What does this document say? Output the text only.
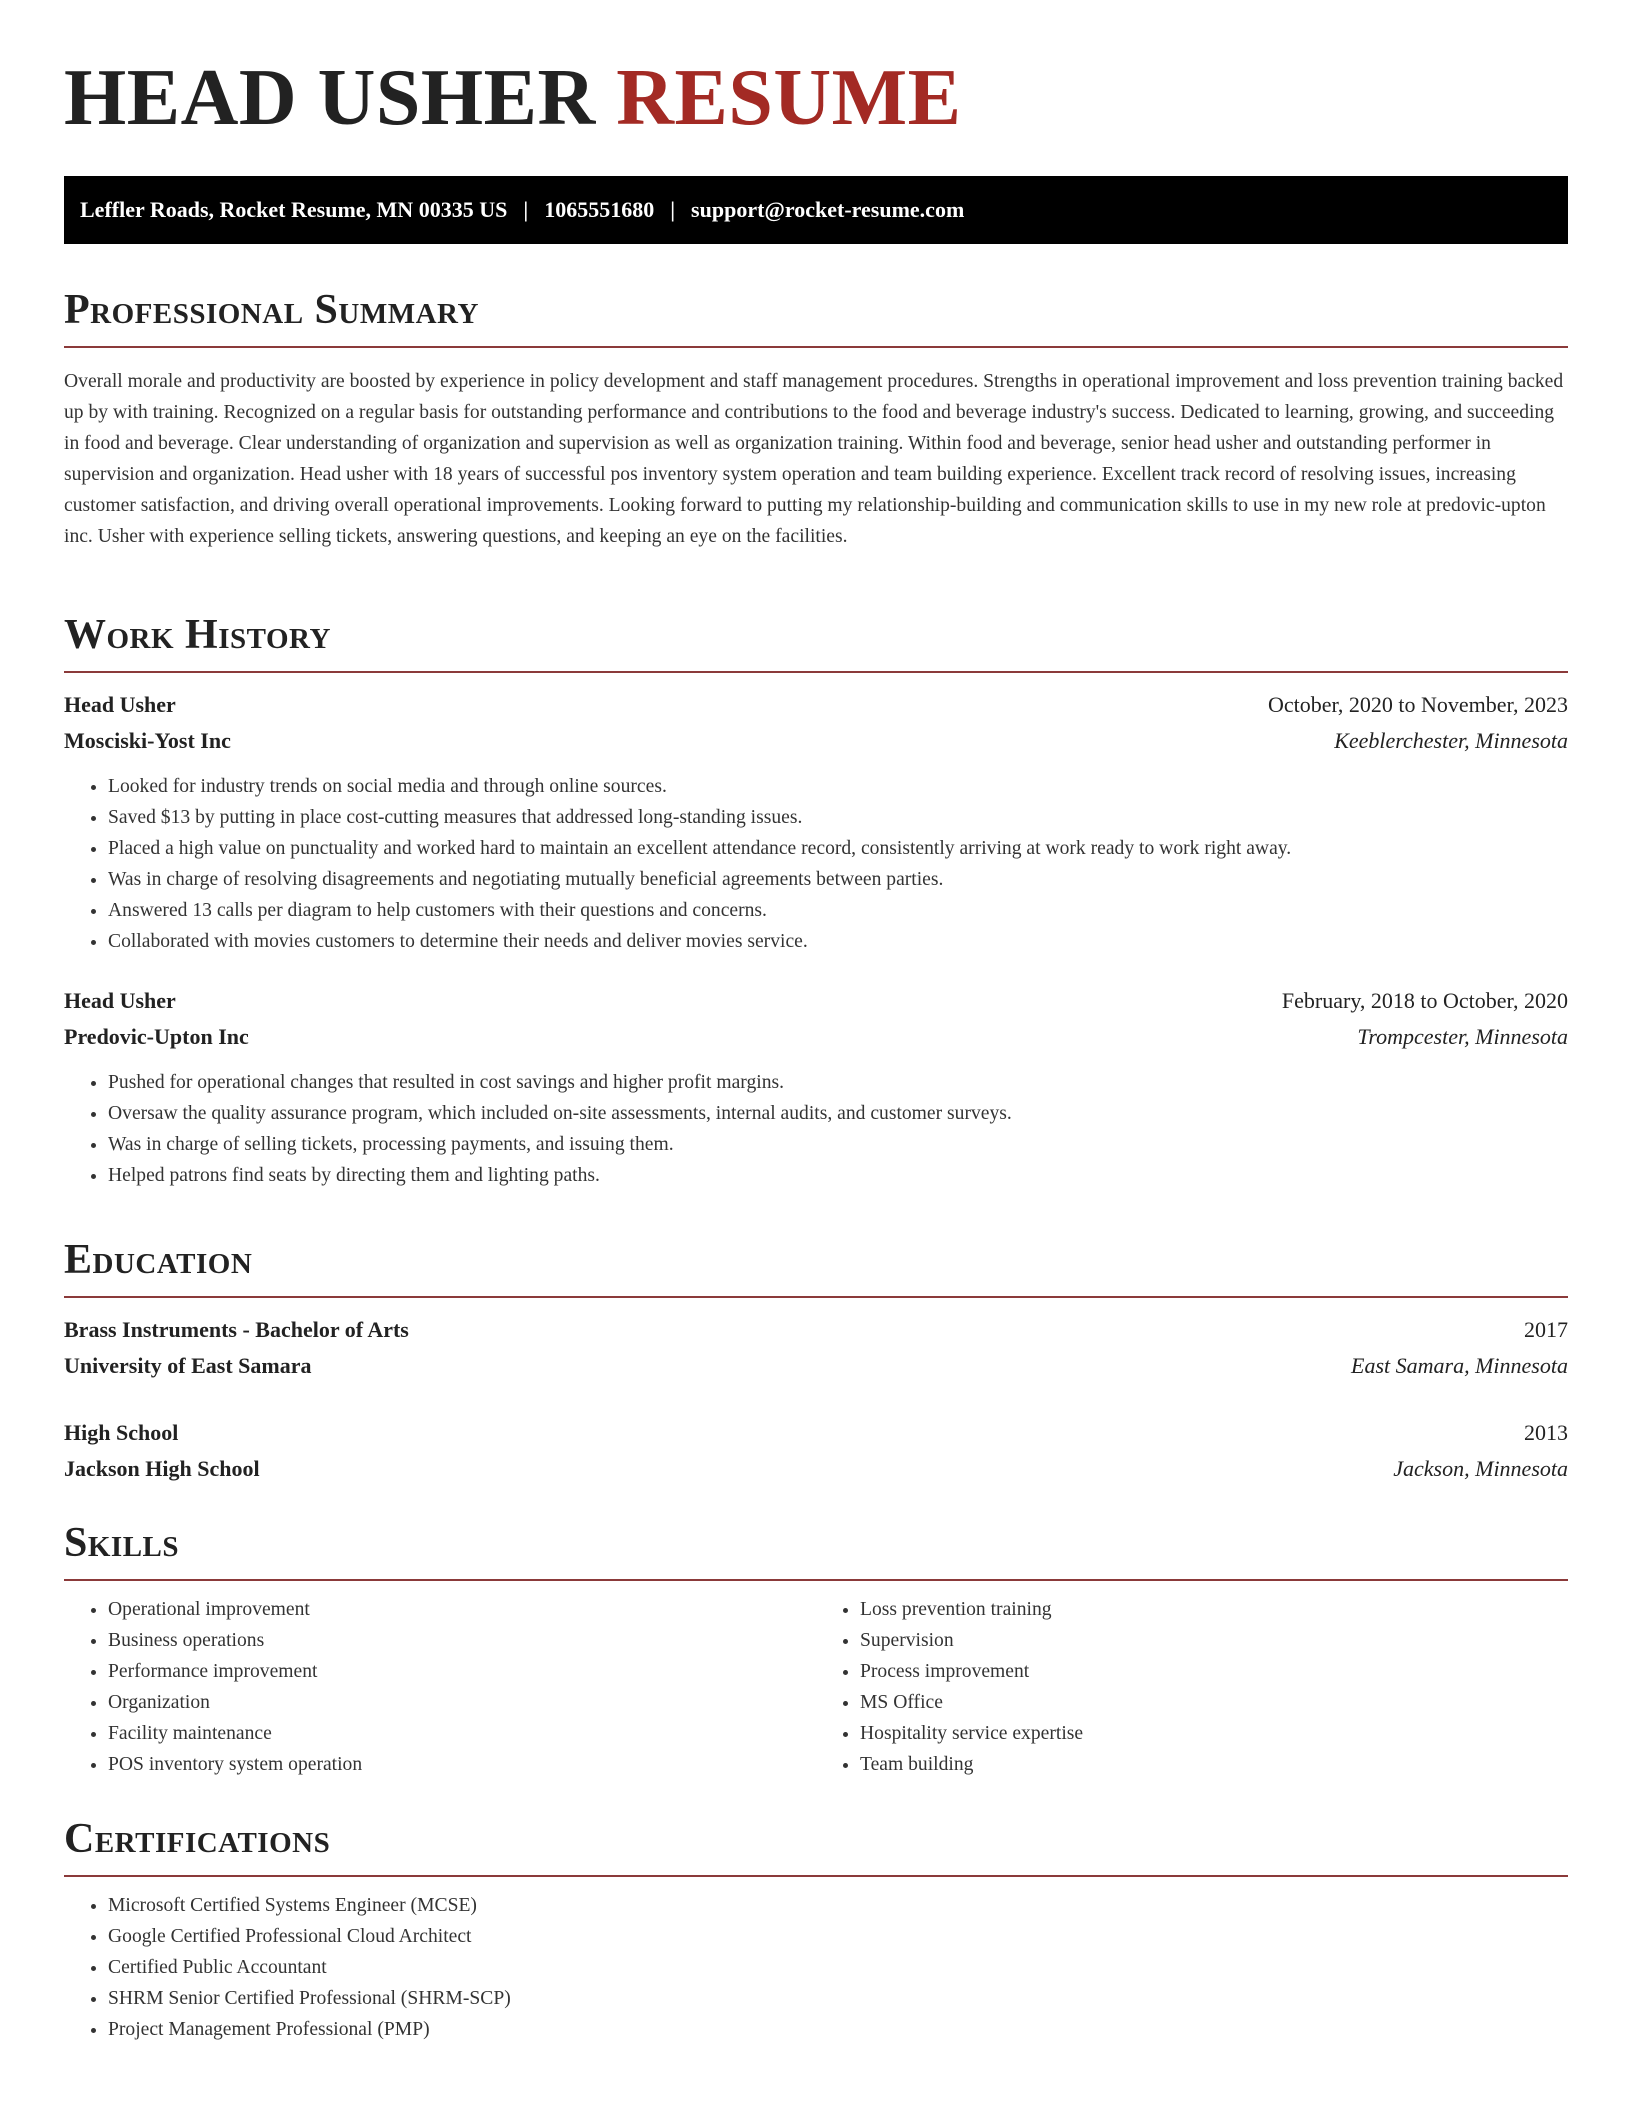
HEAD USHER RESUME
Leffler Roads, Rocket Resume, MN 00335 US | 1065551680 | support@rocket-resume.com
Professional Summary

Overall morale and productivity are boosted by experience in policy development and staff management procedures. Strengths in operational improvement and loss prevention training backed up by with training. Recognized on a regular basis for outstanding performance and contributions to the food and beverage industry's success. Dedicated to learning, growing, and succeeding in food and beverage. Clear understanding of organization and supervision as well as organization training. Within food and beverage, senior head usher and outstanding performer in supervision and organization. Head usher with 18 years of successful pos inventory system operation and team building experience. Excellent track record of resolving issues, increasing customer satisfaction, and driving overall operational improvements. Looking forward to putting my relationship-building and communication skills to use in my new role at predovic-upton inc. Usher with experience selling tickets, answering questions, and keeping an eye on the facilities.

Work History
Head Usher	October, 2020 to November, 2023
Mosciski-Yost Inc	Keeblerchester, Minnesota
• Looked for industry trends on social media and through online sources.
• Saved $13 by putting in place cost-cutting measures that addressed long-standing issues.
• Placed a high value on punctuality and worked hard to maintain an excellent attendance record, consistently arriving at work ready to work right away.
• Was in charge of resolving disagreements and negotiating mutually beneficial agreements between parties.
• Answered 13 calls per diagram to help customers with their questions and concerns.
• Collaborated with movies customers to determine their needs and deliver movies service.
Head Usher	February, 2018 to October, 2020
Predovic-Upton Inc	Trompcester, Minnesota
• Pushed for operational changes that resulted in cost savings and higher profit margins.
• Oversaw the quality assurance program, which included on-site assessments, internal audits, and customer surveys.
• Was in charge of selling tickets, processing payments, and issuing them.
• Helped patrons find seats by directing them and lighting paths.
Education
Brass Instruments - Bachelor of Arts	2017
University of East Samara	East Samara, Minnesota
High School	2013
Jackson High School	Jackson, Minnesota
Skills
• Operational improvement
• Business operations
• Performance improvement
• Organization
• Facility maintenance
• POS inventory system operation
• Loss prevention training
• Supervision
• Process improvement
• MS Office
• Hospitality service expertise
• Team building
Certifications
• Microsoft Certified Systems Engineer (MCSE)
• Google Certified Professional Cloud Architect
• Certified Public Accountant
• SHRM Senior Certified Professional (SHRM-SCP)
• Project Management Professional (PMP)
